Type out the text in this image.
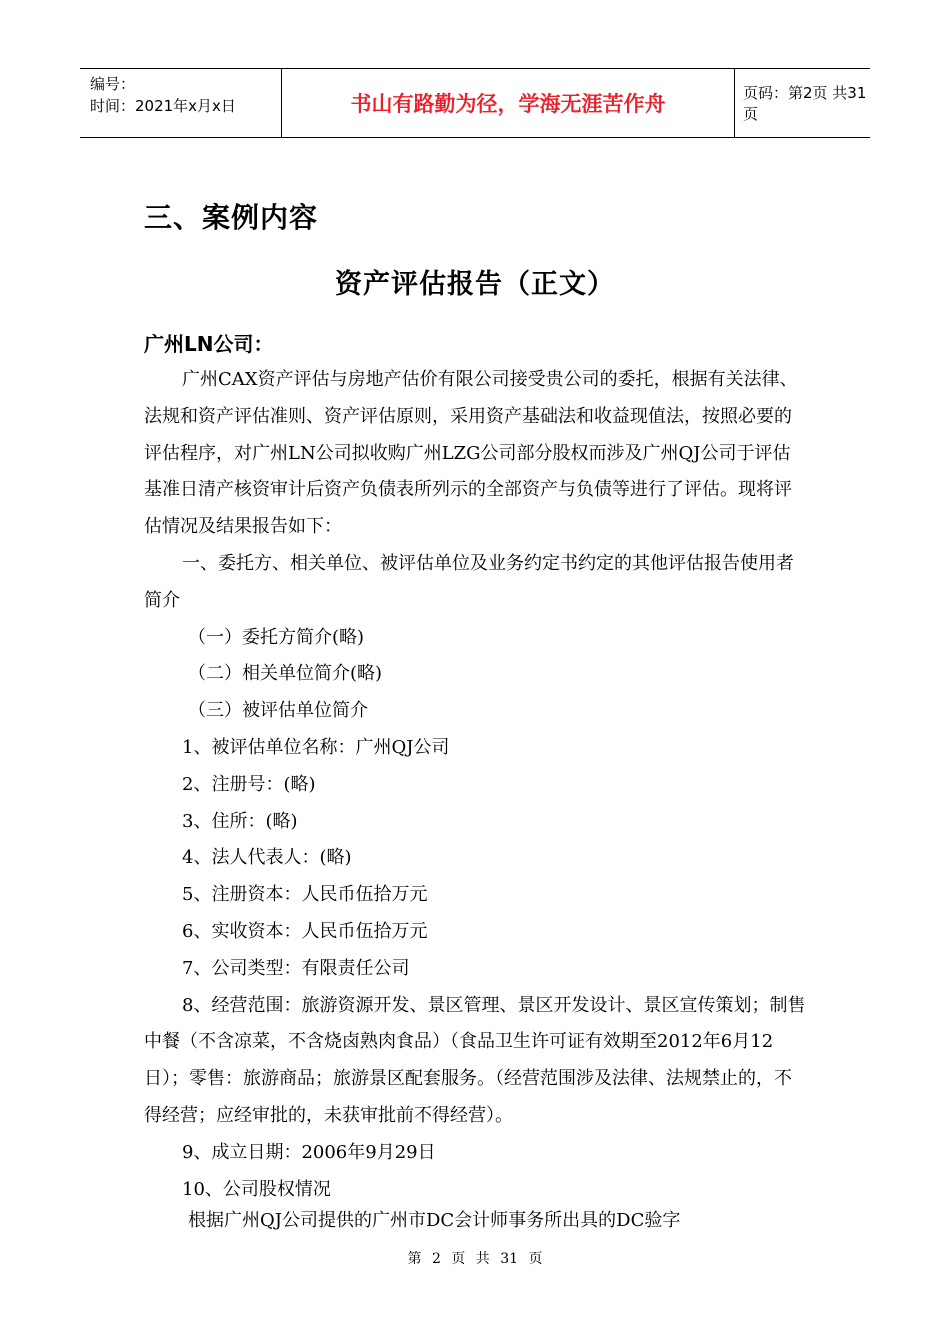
编号：
时间：2021年x月x日	书山有路勤为径，学海无涯苦作舟	页码：第2页 共31页
三、案例内容
资产评估报告（正文）
广州LN公司：

广州CAX资产评估与房地产估价有限公司接受贵公司的委托，根据有关法律、法规和资产评估准则、资产评估原则，采用资产基础法和收益现值法，按照必要的评估程序，对广州LN公司拟收购广州LZG公司部分股权而涉及广州QJ公司于评估基准日清产核资审计后资产负债表所列示的全部资产与负债等进行了评估。现将评估情况及结果报告如下：

一、委托方、相关单位、被评估单位及业务约定书约定的其他评估报告使用者简介

（一）委托方简介(略)

（二）相关单位简介(略)

（三）被评估单位简介

1、被评估单位名称：广州QJ公司

2、注册号：(略)

3、住所：(略)

4、法人代表人：(略)

5、注册资本：人民币伍拾万元

6、实收资本：人民币伍拾万元

7、公司类型：有限责任公司

8、经营范围：旅游资源开发、景区管理、景区开发设计、景区宣传策划；制售中餐（不含凉菜，不含烧卤熟肉食品）（食品卫生许可证有效期至2012年6月12日）；零售：旅游商品；旅游景区配套服务。（经营范围涉及法律、法规禁止的，不得经营；应经审批的，未获审批前不得经营）。

9、成立日期：2006年9月29日

10、公司股权情况

根据广州QJ公司提供的广州市DC会计师事务所出具的DC验字

第 2 页 共 31 页
